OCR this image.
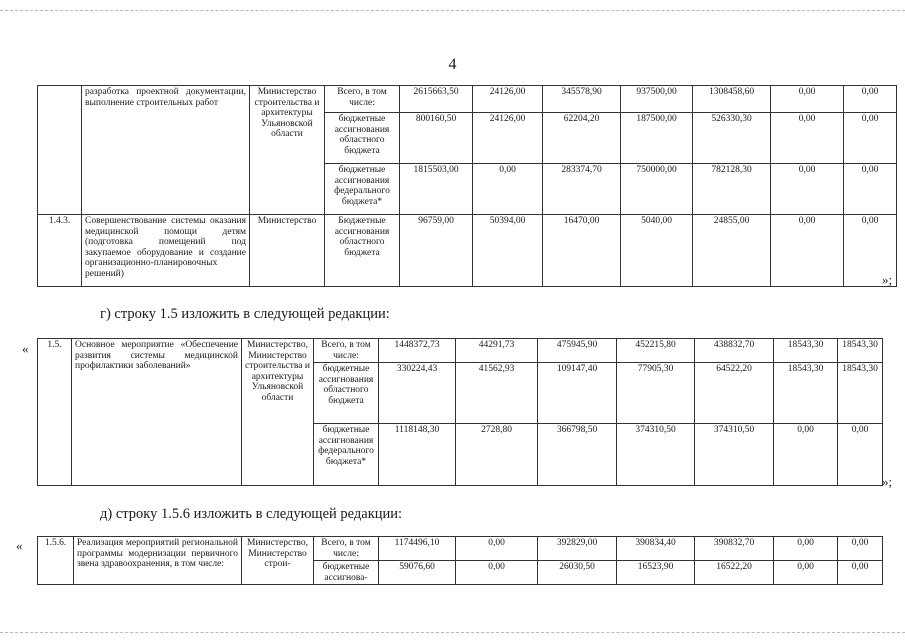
4
	разработка проектной документации, выполнение строительных работ	Министерство строительства и архитектуры Ульяновской области	Всего, в том числе:	2615663,50	24126,00	345578,90	937500,00	1308458,60	0,00	0,00
			бюджетные ассигнования областного бюджета	800160,50	24126,00	62204,20	187500,00	526330,30	0,00	0,00
			бюджетные ассигнования федерального бюджета*	1815503,00	0,00	283374,70	750000,00	782128,30	0,00	0,00
1.4.3.	Совершенствование системы оказания медицинской помощи детям (подготовка помещений под закупаемое оборудование и создание организационно-планировочных решений)	Министерство	Бюджетные ассигнования областного бюджета	96759,00	50394,00	16470,00	5040,00	24855,00	0,00	0,00
»;
г) строку 1.5 изложить в следующей редакции:
« 1.5.	Основное мероприятие «Обеспечение развития системы медицинской профилактики заболеваний»	Министерство, Министерство строительства и архитектуры Ульяновской области	Всего, в том числе:	1448372,73	44291,73	475945,90	452215,80	438832,70	18543,30	18543,30
			бюджетные ассигнования областного бюджета	330224,43	41562,93	109147,40	77905,30	64522,20	18543,30	18543,30
			бюджетные ассигнования федерального бюджета*	1118148,30	2728,80	366798,50	374310,50	374310,50	0,00	0,00
»;
д) строку 1.5.6 изложить в следующей редакции:
« 1.5.6.	Реализация мероприятий региональной программы модернизации первичного звена здравоохранения, в том числе:	Министерство, Министерство строи-	Всего, в том числе:	1174496,10	0,00	392829,00	390834,40	390832,70	0,00	0,00
			бюджетные ассигнова-	59076,60	0,00	26030,50	16523,90	16522,20	0,00	0,00
